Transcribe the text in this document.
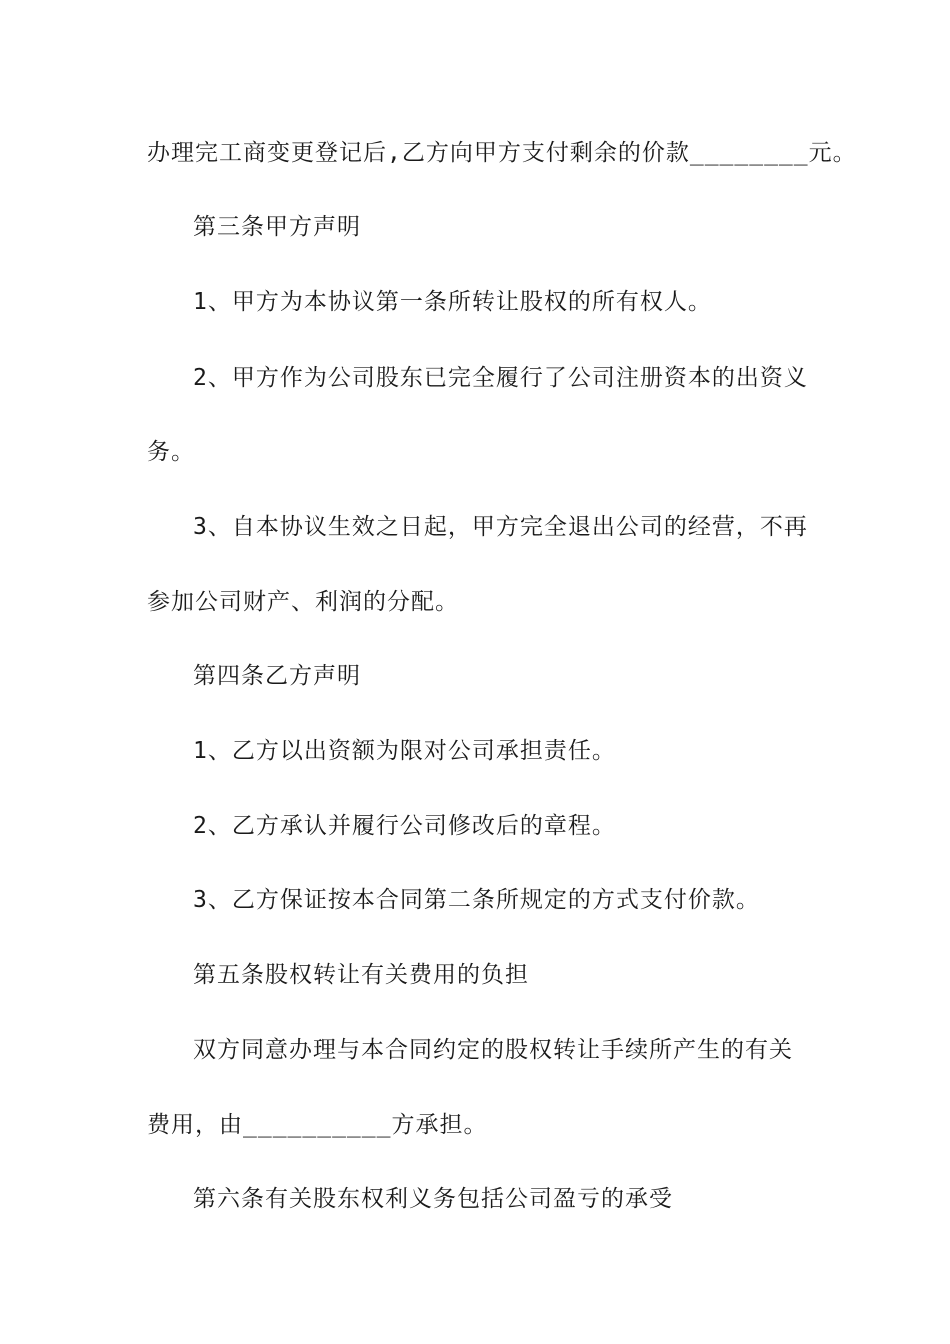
办理完工商变更登记后,乙方向甲方支付剩余的价款________元。
第三条甲方声明
1、甲方为本协议第一条所转让股权的所有权人。
2、甲方作为公司股东已完全履行了公司注册资本的出资义
务。
3、自本协议生效之日起，甲方完全退出公司的经营，不再
参加公司财产、利润的分配。
第四条乙方声明
1、乙方以出资额为限对公司承担责任。
2、乙方承认并履行公司修改后的章程。
3、乙方保证按本合同第二条所规定的方式支付价款。
第五条股权转让有关费用的负担
双方同意办理与本合同约定的股权转让手续所产生的有关
费用，由__________方承担。
第六条有关股东权利义务包括公司盈亏的承受
